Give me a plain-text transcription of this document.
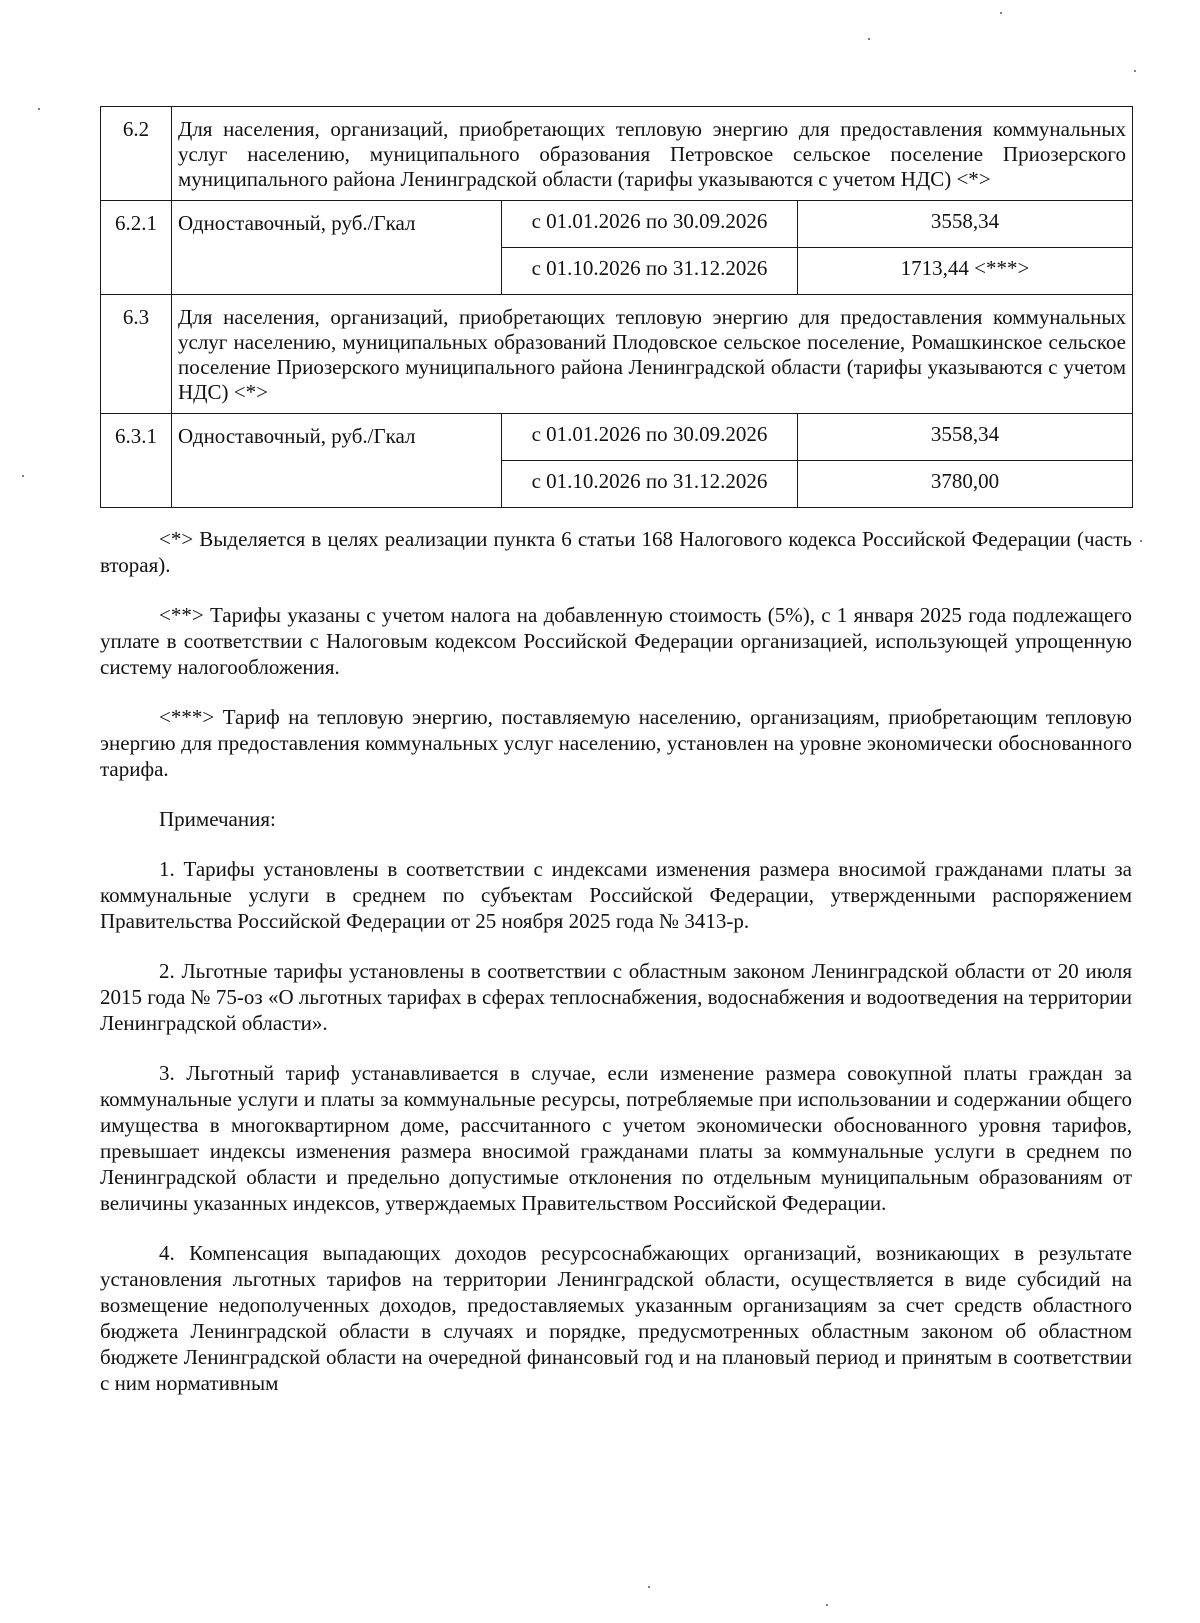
6.2	Для населения, организаций, приобретающих тепловую энергию для предоставления коммунальных услуг населению, муниципального образования Петровское сельское поселение Приозерского муниципального района Ленинградской области (тарифы указываются с учетом НДС) <*>		
6.2.1	Одноставочный, руб./Гкал	с 01.01.2026 по 30.09.2026	3558,34
		с 01.10.2026 по 31.12.2026	1713,44 <***>
6.3	Для населения, организаций, приобретающих тепловую энергию для предоставления коммунальных услуг населению, муниципальных образований Плодовское сельское поселение, Ромашкинское сельское поселение Приозерского муниципального района Ленинградской области (тарифы указываются с учетом НДС) <*>		
6.3.1	Одноставочный, руб./Гкал	с 01.01.2026 по 30.09.2026	3558,34
		с 01.10.2026 по 31.12.2026	3780,00

<*> Выделяется в целях реализации пункта 6 статьи 168 Налогового кодекса Российской Федерации (часть вторая).

<**> Тарифы указаны с учетом налога на добавленную стоимость (5%), с 1 января 2025 года подлежащего уплате в соответствии с Налоговым кодексом Российской Федерации организацией, использующей упрощенную систему налогообложения.

<***> Тариф на тепловую энергию, поставляемую населению, организациям, приобретающим тепловую энергию для предоставления коммунальных услуг населению, установлен на уровне экономически обоснованного тарифа.

Примечания:

1. Тарифы установлены в соответствии с индексами изменения размера вносимой гражданами платы за коммунальные услуги в среднем по субъектам Российской Федерации, утвержденными распоряжением Правительства Российской Федерации от 25 ноября 2025 года № 3413-р.

2. Льготные тарифы установлены в соответствии с областным законом Ленинградской области от 20 июля 2015 года № 75-оз «О льготных тарифах в сферах теплоснабжения, водоснабжения и водоотведения на территории Ленинградской области».

3. Льготный тариф устанавливается в случае, если изменение размера совокупной платы граждан за коммунальные услуги и платы за коммунальные ресурсы, потребляемые при использовании и содержании общего имущества в многоквартирном доме, рассчитанного с учетом экономически обоснованного уровня тарифов, превышает индексы изменения размера вносимой гражданами платы за коммунальные услуги в среднем по Ленинградской области и предельно допустимые отклонения по отдельным муниципальным образованиям от величины указанных индексов, утверждаемых Правительством Российской Федерации.

4. Компенсация выпадающих доходов ресурсоснабжающих организаций, возникающих в результате установления льготных тарифов на территории Ленинградской области, осуществляется в виде субсидий на возмещение недополученных доходов, предоставляемых указанным организациям за счет средств областного бюджета Ленинградской области в случаях и порядке, предусмотренных областным законом об областном бюджете Ленинградской области на очередной финансовый год и на плановый период и принятым в соответствии с ним нормативным
